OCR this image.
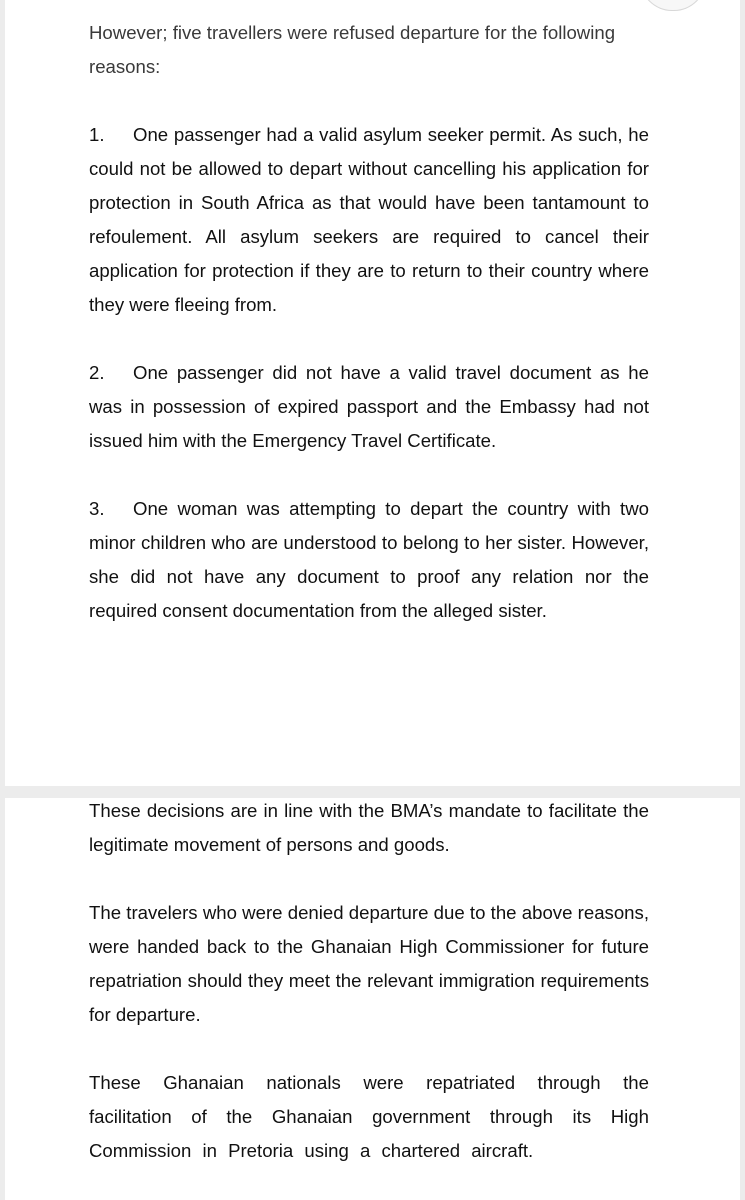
However; five travellers were refused departure for the following
reasons:

1. One passenger had a valid asylum seeker permit. As such, he could not be allowed to depart without cancelling his application for protection in South Africa as that would have been tantamount to refoulement. All asylum seekers are required to cancel their application for protection if they are to return to their country where they were fleeing from.

2. One passenger did not have a valid travel document as he was in possession of expired passport and the Embassy had not issued him with the Emergency Travel Certificate.

3. One woman was attempting to depart the country with two minor children who are understood to belong to her sister. However, she did not have any document to proof any relation nor the required consent documentation from the alleged sister.

These decisions are in line with the BMA’s mandate to facilitate the legitimate movement of persons and goods.

The travelers who were denied departure due to the above reasons, were handed back to the Ghanaian High Commissioner for future repatriation should they meet the relevant immigration requirements for departure.

These Ghanaian nationals were repatriated through the facilitation of the Ghanaian government through its High Commission in Pretoria using a chartered aircraft.
